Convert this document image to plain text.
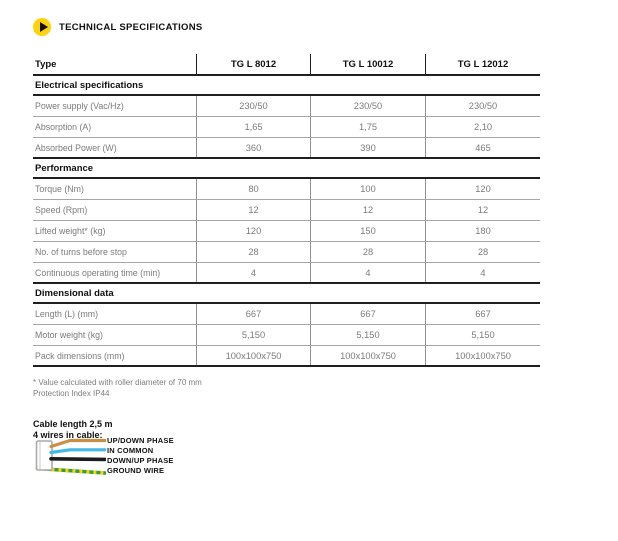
TECHNICAL SPECIFICATIONS
Type	TG L 8012	TG L 10012	TG L 12012
Electrical specifications
Power supply (Vac/Hz)	230/50	230/50	230/50
Absorption (A)	1,65	1,75	2,10
Absorbed Power (W)	360	390	465
Performance
Torque (Nm)	80	100	120
Speed (Rpm)	12	12	12
Lifted weight* (kg)	120	150	180
No. of turns before stop	28	28	28
Continuous operating time (min)	4	4	4
Dimensional data
Length (L) (mm)	667	667	667
Motor weight (kg)	5,150	5,150	5,150
Pack dimensions (mm)	100x100x750	100x100x750	100x100x750
* Value calculated with roller diameter of 70 mm
Protection Index IP44
Cable length 2,5 m
4 wires in cable:
UP/DOWN PHASE
IN COMMON
DOWN/UP PHASE
GROUND WIRE
